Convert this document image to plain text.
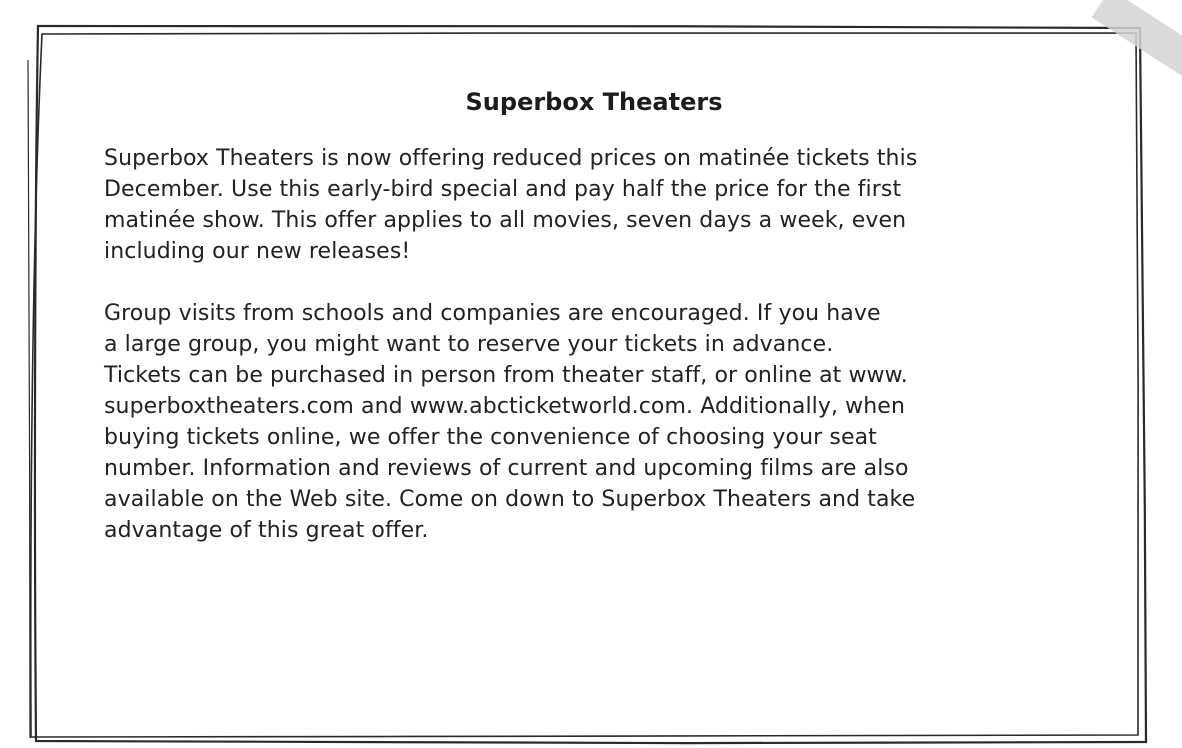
Superbox Theaters

Superbox Theaters is now offering reduced prices on matinée tickets this
December. Use this early-bird special and pay half the price for the first
matinée show. This offer applies to all movies, seven days a week, even
including our new releases!

Group visits from schools and companies are encouraged. If you have
a large group, you might want to reserve your tickets in advance.
Tickets can be purchased in person from theater staff, or online at www.
superboxtheaters.com and www.abcticketworld.com. Additionally, when
buying tickets online, we offer the convenience of choosing your seat
number. Information and reviews of current and upcoming films are also
available on the Web site. Come on down to Superbox Theaters and take
advantage of this great offer.
